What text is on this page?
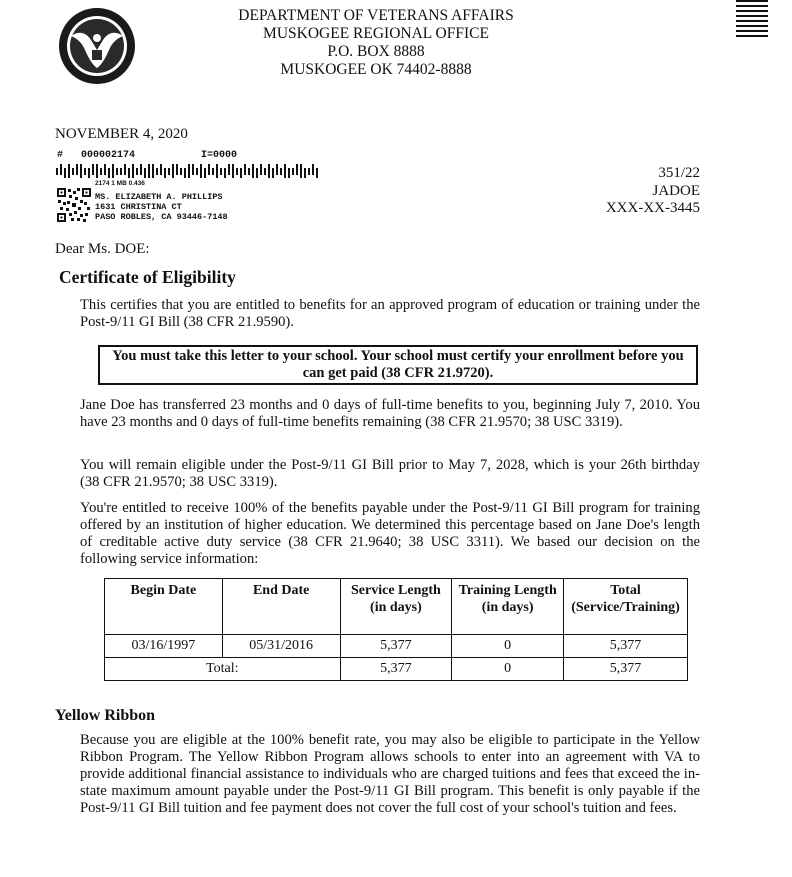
DEPARTMENT OF VETERANS AFFAIRS
MUSKOGEE REGIONAL OFFICE
P.O. BOX 8888
MUSKOGEE OK 74402-8888
NOVEMBER 4, 2020
#   000002174           I=0000
2174 1 MB 0.436
MS. ELIZABETH A. PHILLIPS
1631 CHRISTINA CT
PASO ROBLES, CA 93446-7148
351/22
JADOE
XXX-XX-3445
Dear Ms. DOE:
Certificate of Eligibility
This certifies that you are entitled to benefits for an approved program of education or training under the Post-9/11 GI Bill (38 CFR 21.9590).
You must take this letter to your school. Your school must certify your enrollment before you can get paid (38 CFR 21.9720).
Jane Doe has transferred 23 months and 0 days of full-time benefits to you, beginning July 7, 2010. You have 23 months and 0 days of full-time benefits remaining (38 CFR 21.9570; 38 USC 3319).
You will remain eligible under the Post-9/11 GI Bill prior to May 7, 2028, which is your 26th birthday (38 CFR 21.9570; 38 USC 3319).
You're entitled to receive 100% of the benefits payable under the Post-9/11 GI Bill program for training offered by an institution of higher education. We determined this percentage based on Jane Doe's length of creditable active duty service (38 CFR 21.9640; 38 USC 3311). We based our decision on the following service information:
Begin Date	End Date	Service Length (in days)	Training Length (in days)	Total (Service/Training)
03/16/1997	05/31/2016	5,377	0	5,377
Total:		5,377	0	5,377
Yellow Ribbon
Because you are eligible at the 100% benefit rate, you may also be eligible to participate in the Yellow Ribbon Program. The Yellow Ribbon Program allows schools to enter into an agreement with VA to provide additional financial assistance to individuals who are charged tuitions and fees that exceed the in-state maximum amount payable under the Post-9/11 GI Bill program. This benefit is only payable if the Post-9/11 GI Bill tuition and fee payment does not cover the full cost of your school's tuition and fees.
